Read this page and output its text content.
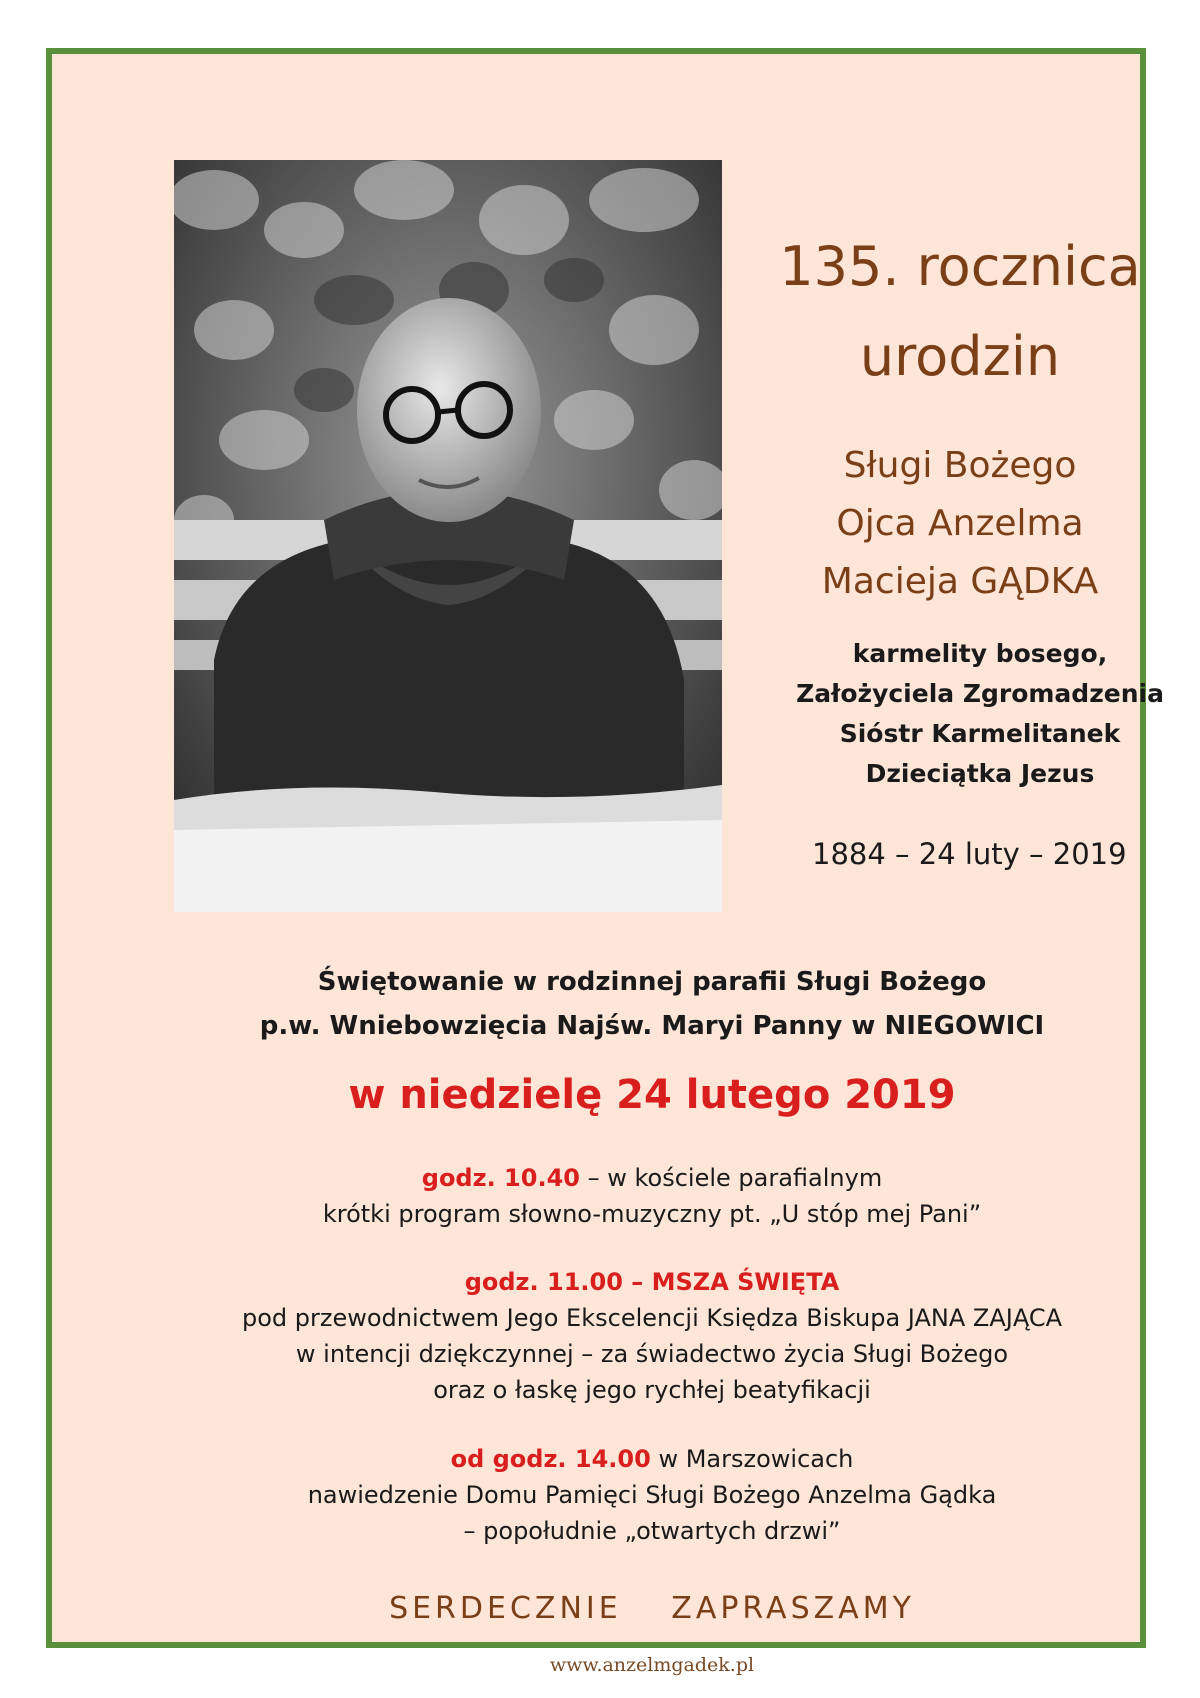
135. rocznica
urodzin
Sługi Bożego
Ojca Anzelma
Macieja GĄDKA
karmelity bosego,
Założyciela Zgromadzenia
Sióstr Karmelitanek
Dzieciątka Jezus
1884 – 24 luty – 2019
Świętowanie w rodzinnej parafii Sługi Bożego
p.w. Wniebowzięcia Najśw. Maryi Panny w NIEGOWICI
w niedzielę 24 lutego 2019
godz. 10.40 – w kościele parafialnym
krótki program słowno-muzyczny pt. „U stóp mej Pani”
godz. 11.00 – MSZA ŚWIĘTA
pod przewodnictwem Jego Ekscelencji Księdza Biskupa JANA ZAJĄCA
w intencji dziękczynnej – za świadectwo życia Sługi Bożego
oraz o łaskę jego rychłej beatyfikacji
od godz. 14.00 w Marszowicach
nawiedzenie Domu Pamięci Sługi Bożego Anzelma Gądka
– popołudnie „otwartych drzwi”
SERDECZNIE ZAPRASZAMY
www.anzelmgadek.pl
